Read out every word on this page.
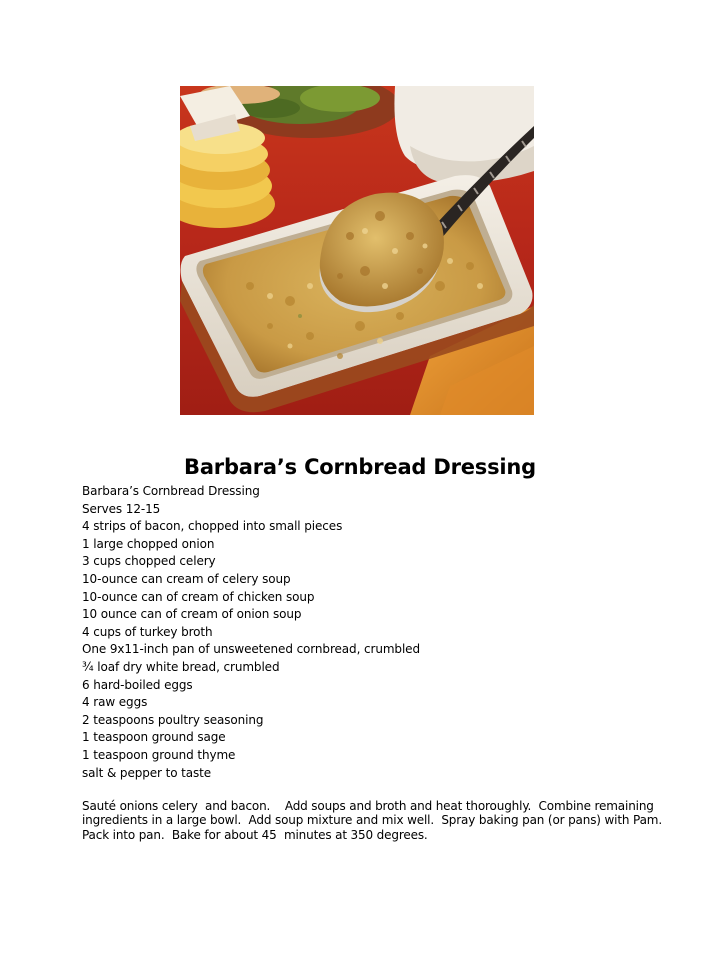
Barbara’s Cornbread Dressing
Barbara’s Cornbread Dressing
Serves 12-15
4 strips of bacon, chopped into small pieces
1 large chopped onion
3 cups chopped celery
10-ounce can cream of celery soup
10-ounce can of cream of chicken soup
10 ounce can of cream of onion soup
4 cups of turkey broth
One 9x11-inch pan of unsweetened cornbread, crumbled
¾ loaf dry white bread, crumbled
6 hard-boiled eggs
4 raw eggs
2 teaspoons poultry seasoning
1 teaspoon ground sage
1 teaspoon ground thyme
salt & pepper to taste

Sauté onions celery  and bacon.    Add soups and broth and heat thoroughly.  Combine remaining ingredients in a large bowl.  Add soup mixture and mix well.  Spray baking pan (or pans) with Pam.  Pack into pan.  Bake for about 45  minutes at 350 degrees.
